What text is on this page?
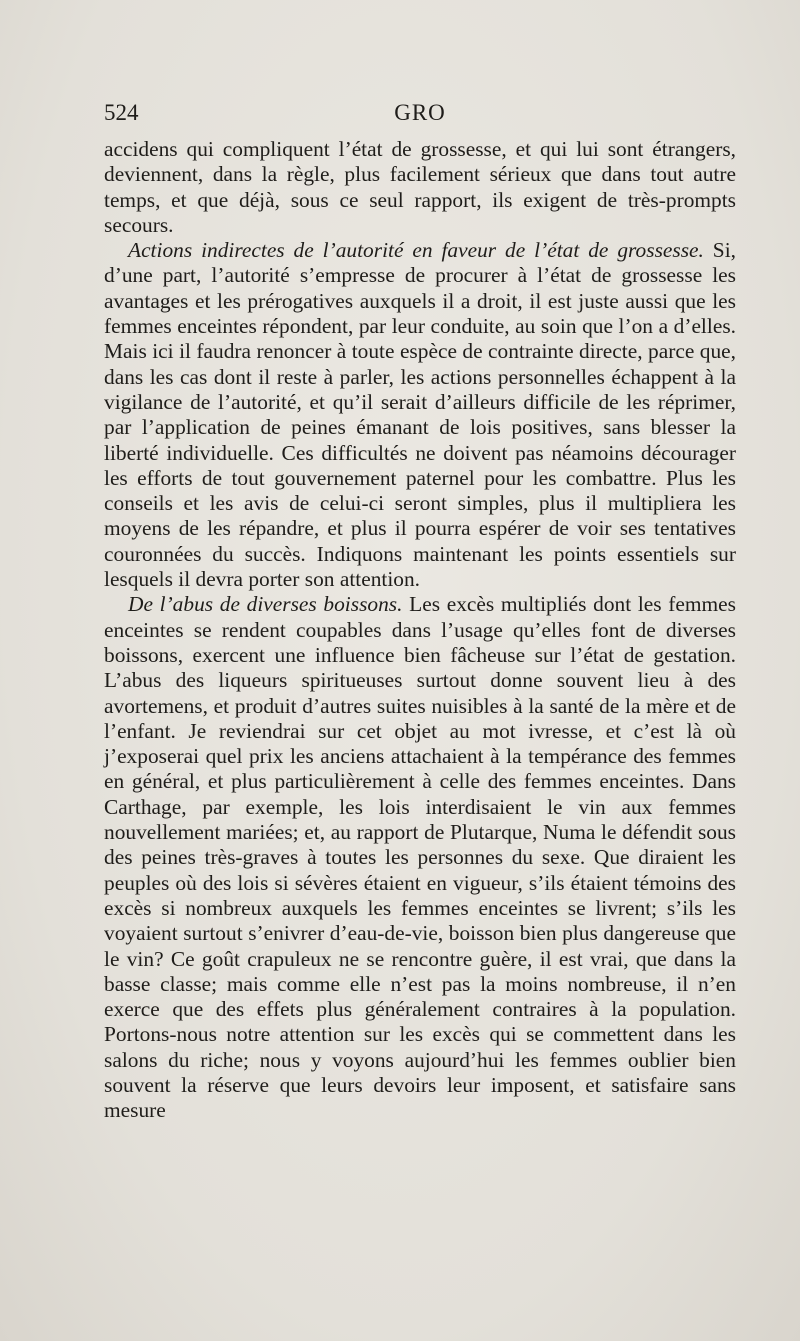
524	GRO

accidens qui compliquent l’état de grossesse, et qui lui sont étrangers, deviennent, dans la règle, plus facilement sérieux que dans tout autre temps, et que déjà, sous ce seul rapport, ils exigent de très-prompts secours.

Actions indirectes de l’autorité en faveur de l’état de grossesse. Si, d’une part, l’autorité s’empresse de procurer à l’état de grossesse les avantages et les prérogatives auxquels il a droit, il est juste aussi que les femmes enceintes répondent, par leur conduite, au soin que l’on a d’elles. Mais ici il faudra renoncer à toute espèce de contrainte directe, parce que, dans les cas dont il reste à parler, les actions personnelles échappent à la vigilance de l’autorité, et qu’il serait d’ailleurs difficile de les réprimer, par l’application de peines émanant de lois positives, sans blesser la liberté individuelle. Ces difficultés ne doivent pas néamoins décourager les efforts de tout gouvernement paternel pour les combattre. Plus les conseils et les avis de celui-ci seront simples, plus il multipliera les moyens de les répandre, et plus il pourra espérer de voir ses tentatives couronnées du succès. Indiquons maintenant les points essentiels sur lesquels il devra porter son attention.

De l’abus de diverses boissons. Les excès multipliés dont les femmes enceintes se rendent coupables dans l’usage qu’elles font de diverses boissons, exercent une influence bien fâcheuse sur l’état de gestation. L’abus des liqueurs spiritueuses surtout donne souvent lieu à des avortemens, et produit d’autres suites nuisibles à la santé de la mère et de l’enfant. Je reviendrai sur cet objet au mot ivresse, et c’est là où j’exposerai quel prix les anciens attachaient à la tempérance des femmes en général, et plus particulièrement à celle des femmes enceintes. Dans Carthage, par exemple, les lois interdisaient le vin aux femmes nouvellement mariées; et, au rapport de Plutarque, Numa le défendit sous des peines très-graves à toutes les personnes du sexe. Que diraient les peuples où des lois si sévères étaient en vigueur, s’ils étaient témoins des excès si nombreux auxquels les femmes enceintes se livrent; s’ils les voyaient surtout s’enivrer d’eau-de-vie, boisson bien plus dangereuse que le vin? Ce goût crapuleux ne se rencontre guère, il est vrai, que dans la basse classe; mais comme elle n’est pas la moins nombreuse, il n’en exerce que des effets plus généralement contraires à la population. Portons-nous notre attention sur les excès qui se commettent dans les salons du riche; nous y voyons aujourd’hui les femmes oublier bien souvent la réserve que leurs devoirs leur imposent, et satisfaire sans mesure
